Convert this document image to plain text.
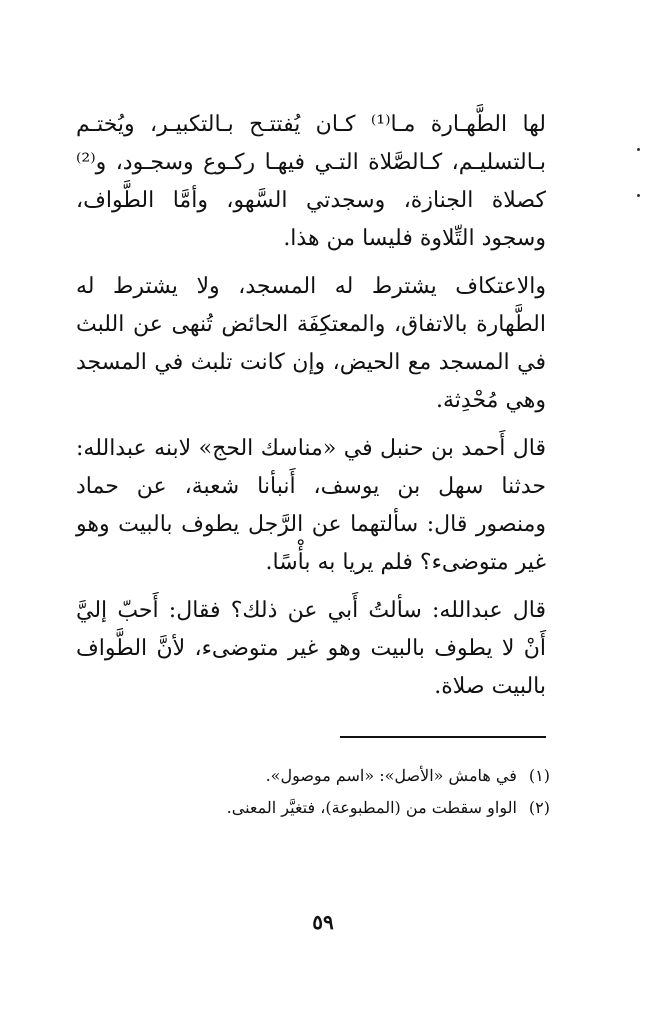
لها الطَّهـارة مـا⁽¹⁾ كـان يُفتتـح بـالتكبيـر، ويُختـم بـالتسليـم، كـالصَّلاة التـي فيهـا ركـوع وسجـود، و⁽²⁾كصلاة الجنازة، وسجدتي السَّهو، وأمَّا الطَّواف، وسجود التِّلاوة فليسا من هذا.

والاعتكاف يشترط له المسجد، ولا يشترط له الطَّهارة بالاتفاق، والمعتكِفَة الحائض تُنهى عن اللبث في المسجد مع الحيض، وإن كانت تلبث في المسجد وهي مُحْدِثة.

قال أَحمد بن حنبل في «مناسك الحج» لابنه عبدالله: حدثنا سهل بن يوسف، أَنبأنا شعبة، عن حماد ومنصور قال: سألتهما عن الرَّجل يطوف بالبيت وهو غير متوضىء؟ فلم يريا به بأْسًا.

قال عبدالله: سألتُ أَبي عن ذلك؟ فقال: أَحبّ إليَّ أَنْ لا يطوف بالبيت وهو غير متوضىء، لأنَّ الطَّواف بالبيت صلاة.

(١)في هامش «الأصل»: «اسم موصول».
(٢)الواو سقطت من (المطبوعة)، فتغيَّر المعنى.
٥٩
